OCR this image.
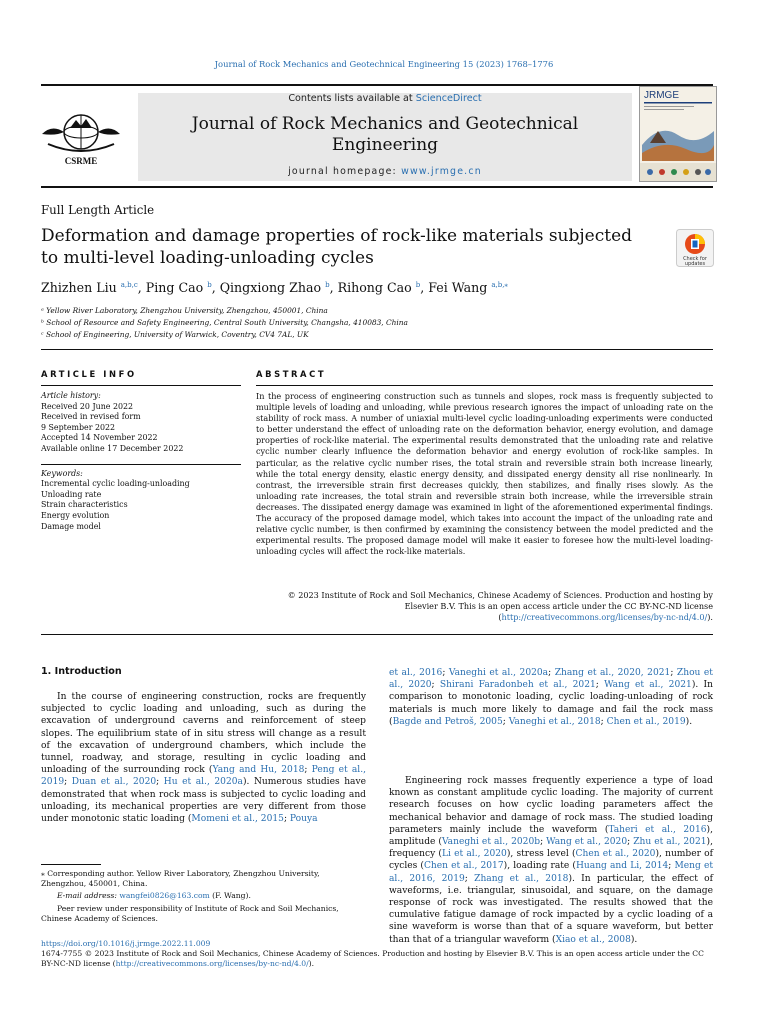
Journal of Rock Mechanics and Geotechnical Engineering 15 (2023) 1768–1776
CSRME
Contents lists available at ScienceDirect
Journal of Rock Mechanics and Geotechnical Engineering
journal homepage: www.jrmge.cn
JRMGE
Full Length Article
Deformation and damage properties of rock-like materials subjected to multi-level loading-unloading cycles	Check for updates
Zhizhen Liu $^{a,b,c}$, Ping Cao $^b$, Qingxiong Zhao $^b$, Rihong Cao $^b$, Fei Wang $^{a,b,⁎}$
ᵃ Yellow River Laboratory, Zhengzhou University, Zhengzhou, 450001, China
ᵇ School of Resource and Safety Engineering, Central South University, Changsha, 410083, China
ᶜ School of Engineering, University of Warwick, Coventry, CV4 7AL, UK
ARTICLE INFO
Article history:
Received 20 June 2022
Received in revised form
9 September 2022
Accepted 14 November 2022
Available online 17 December 2022
Keywords:
Incremental cyclic loading-unloading
Unloading rate
Strain characteristics
Energy evolution
Damage model
ABSTRACT
In the process of engineering construction such as tunnels and slopes, rock mass is frequently subjected to multiple levels of loading and unloading, while previous research ignores the impact of unloading rate on the stability of rock mass. A number of uniaxial multi-level cyclic loading-unloading experiments were conducted to better understand the effect of unloading rate on the deformation behavior, energy evolution, and damage properties of rock-like material. The experimental results demonstrated that the unloading rate and relative cyclic number clearly influence the deformation behavior and energy evolution of rock-like samples. In particular, as the relative cyclic number rises, the total strain and reversible strain both increase linearly, while the total energy density, elastic energy density, and dissipated energy density all rise nonlinearly. In contrast, the irreversible strain first decreases quickly, then stabilizes, and finally rises slowly. As the unloading rate increases, the total strain and reversible strain both increase, while the irreversible strain decreases. The dissipated energy damage was examined in light of the aforementioned experimental findings. The accuracy of the proposed damage model, which takes into account the impact of the unloading rate and relative cyclic number, is then confirmed by examining the consistency between the model predicted and the experimental results. The proposed damage model will make it easier to foresee how the multi-level loading-unloading cycles will affect the rock-like materials.
© 2023 Institute of Rock and Soil Mechanics, Chinese Academy of Sciences. Production and hosting by Elsevier B.V. This is an open access article under the CC BY-NC-ND license (http://creativecommons.org/licenses/by-nc-nd/4.0/).
1. Introduction
In the course of engineering construction, rocks are frequently subjected to cyclic loading and unloading, such as during the excavation of underground caverns and reinforcement of steep slopes. The equilibrium state of in situ stress will change as a result of the excavation of underground chambers, which include the tunnel, roadway, and storage, resulting in cyclic loading and unloading of the surrounding rock (Yang and Hu, 2018; Peng et al., 2019; Duan et al., 2020; Hu et al., 2020a). Numerous studies have demonstrated that when rock mass is subjected to cyclic loading and unloading, its mechanical properties are very different from those under monotonic static loading (Momeni et al., 2015; Pouya
et al., 2016; Vaneghi et al., 2020a; Zhang et al., 2020, 2021; Zhou et al., 2020; Shirani Faradonbeh et al., 2021; Wang et al., 2021). In comparison to monotonic loading, cyclic loading-unloading of rock materials is much more likely to damage and fail the rock mass (Bagde and Petroš, 2005; Vaneghi et al., 2018; Chen et al., 2019).
Engineering rock masses frequently experience a type of load known as constant amplitude cyclic loading. The majority of current research focuses on how cyclic loading parameters affect the mechanical behavior and damage of rock mass. The studied loading parameters mainly include the waveform (Taheri et al., 2016), amplitude (Vaneghi et al., 2020b; Wang et al., 2020; Zhu et al., 2021), frequency (Li et al., 2020), stress level (Chen et al., 2020), number of cycles (Chen et al., 2017), loading rate (Huang and Li, 2014; Meng et al., 2016, 2019; Zhang et al., 2018). In particular, the effect of waveforms, i.e. triangular, sinusoidal, and square, on the damage response of rock was investigated. The results showed that the cumulative fatigue damage of rock impacted by a cyclic loading of a sine waveform is worse than that of a square waveform, but better than that of a triangular waveform (Xiao et al., 2008).
⁎ Corresponding author. Yellow River Laboratory, Zhengzhou University, Zhengzhou, 450001, China.
E-mail address: wangfei0826@163.com (F. Wang).
Peer review under responsibility of Institute of Rock and Soil Mechanics, Chinese Academy of Sciences.
https://doi.org/10.1016/j.jrmge.2022.11.009
1674-7755 © 2023 Institute of Rock and Soil Mechanics, Chinese Academy of Sciences. Production and hosting by Elsevier B.V. This is an open access article under the CC BY-NC-ND license (http://creativecommons.org/licenses/by-nc-nd/4.0/).
